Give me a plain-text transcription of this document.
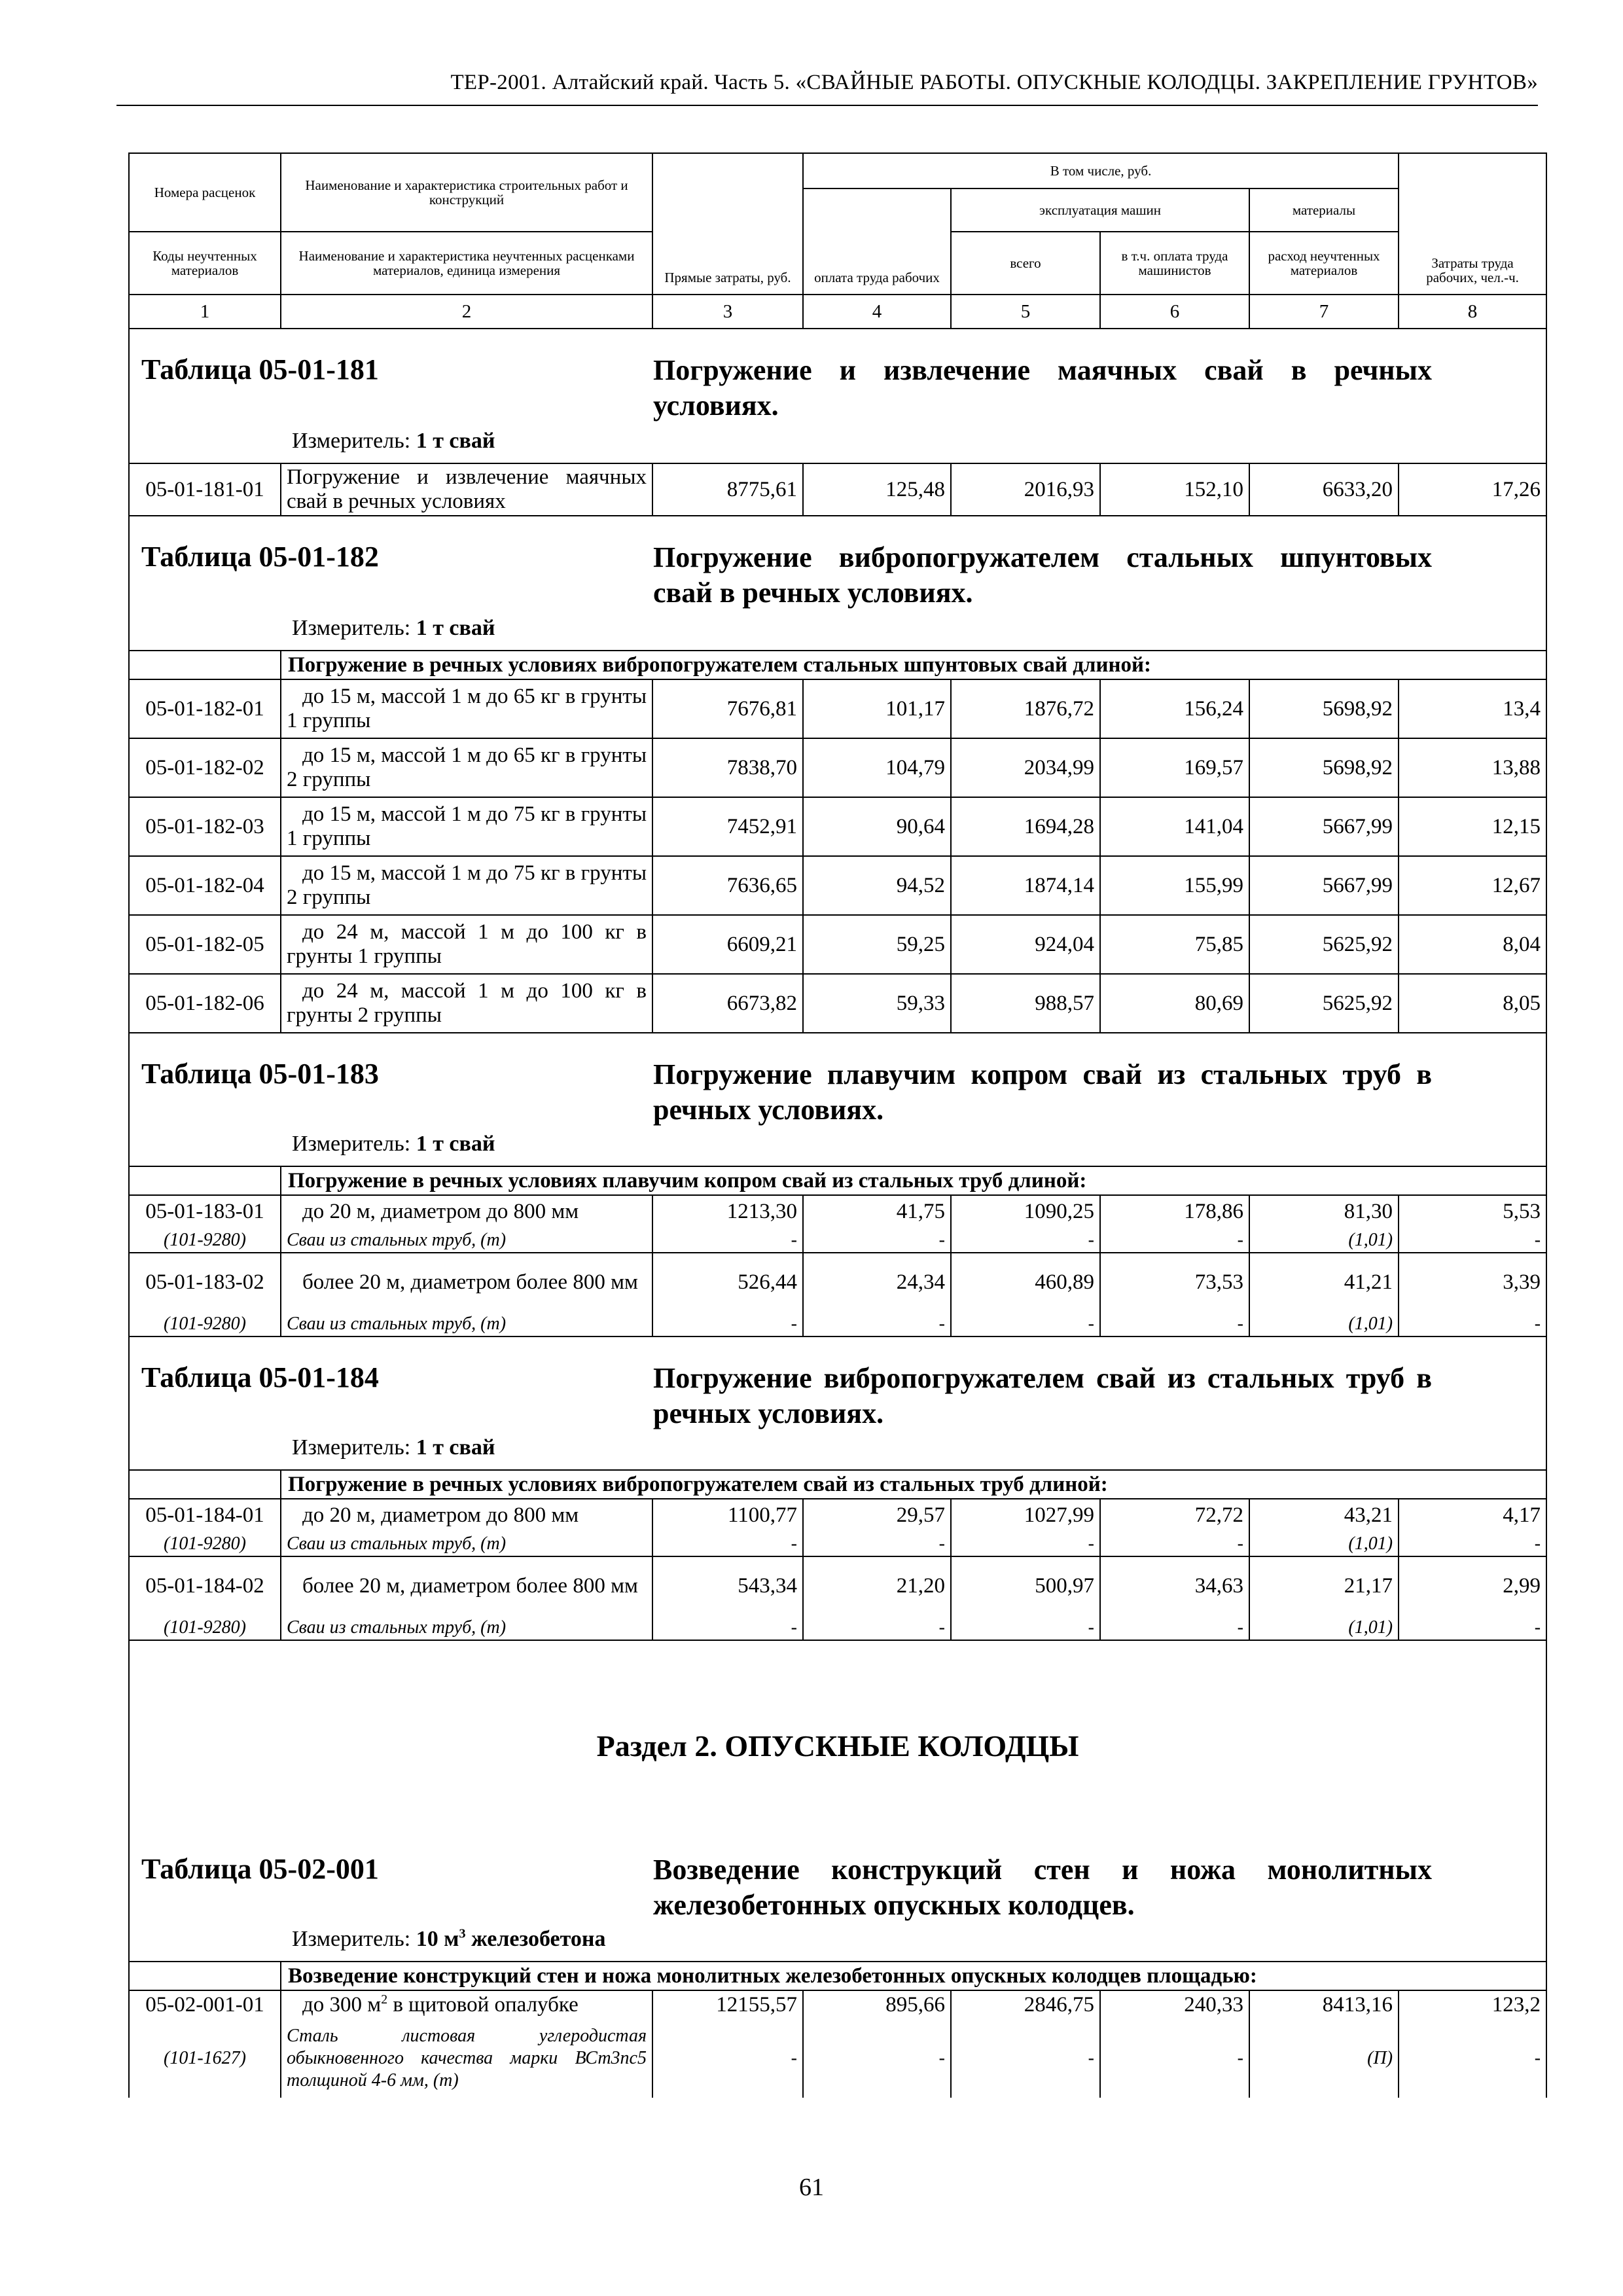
ТЕР-2001. Алтайский край. Часть 5. «СВАЙНЫЕ РАБОТЫ. ОПУСКНЫЕ КОЛОДЦЫ. ЗАКРЕПЛЕНИЕ ГРУНТОВ»
Номера расценок	Наименование и характеристика строительных работ и конструкций	Прямые затраты, руб.	В том числе, руб.				Затраты труда рабочих, чел.-ч.
			оплата труда рабочих	эксплуатация машин		материалы	
Коды неучтенных материалов	Наименование и характеристика неучтенных расценками материалов, единица измерения			всего	в т.ч. оплата труда машинистов	расход неучтенных материалов	
1	2	3	4	5	6	7	8

Таблица 05-01-181 Погружение и извлечение маячных свай в речных условиях.
Измеритель: 1 т свай							

05-01-181-01	Погружение и извлечение маячных свай в речных условиях	8775,61	125,48	2016,93	152,10	6633,20	17,26

Таблица 05-01-182 Погружение вибропогружателем стальных шпунтовых свай в речных условиях.
Измеритель: 1 т свай							

	Погружение в речных условиях вибропогружателем стальных шпунтовых свай длиной:						
05-01-182-01	до 15 м, массой 1 м до 65 кг в грунты 1 группы	7676,81	101,17	1876,72	156,24	5698,92	13,4
05-01-182-02	до 15 м, массой 1 м до 65 кг в грунты 2 группы	7838,70	104,79	2034,99	169,57	5698,92	13,88
05-01-182-03	до 15 м, массой 1 м до 75 кг в грунты 1 группы	7452,91	90,64	1694,28	141,04	5667,99	12,15
05-01-182-04	до 15 м, массой 1 м до 75 кг в грунты 2 группы	7636,65	94,52	1874,14	155,99	5667,99	12,67
05-01-182-05	до 24 м, массой 1 м до 100 кг в грунты 1 группы	6609,21	59,25	924,04	75,85	5625,92	8,04
05-01-182-06	до 24 м, массой 1 м до 100 кг в грунты 2 группы	6673,82	59,33	988,57	80,69	5625,92	8,05

Таблица 05-01-183 Погружение плавучим копром свай из стальных труб в речных условиях.
Измеритель: 1 т свай							

	Погружение в речных условиях плавучим копром свай из стальных труб длиной:						
05-01-183-01	до 20 м, диаметром до 800 мм	1213,30	41,75	1090,25	178,86	81,30	5,53
(101-9280)	Сваи из стальных труб, (т)	-	-	-	-	(1,01)	-
05-01-183-02	более 20 м, диаметром более 800 мм	526,44	24,34	460,89	73,53	41,21	3,39
(101-9280)	Сваи из стальных труб, (т)	-	-	-	-	(1,01)	-

Таблица 05-01-184 Погружение вибропогружателем свай из стальных труб в речных условиях.
Измеритель: 1 т свай							

	Погружение в речных условиях вибропогружателем свай из стальных труб длиной:						
05-01-184-01	до 20 м, диаметром до 800 мм	1100,77	29,57	1027,99	72,72	43,21	4,17
(101-9280)	Сваи из стальных труб, (т)	-	-	-	-	(1,01)	-
05-01-184-02	более 20 м, диаметром более 800 мм	543,34	21,20	500,97	34,63	21,17	2,99
(101-9280)	Сваи из стальных труб, (т)	-	-	-	-	(1,01)	-
Раздел 2. ОПУСКНЫЕ КОЛОДЦЫ							

Таблица 05-02-001 Возведение конструкций стен и ножа монолитных железобетонных опускных колодцев.
Измеритель: 10 $м^3$ железобетона							

	Возведение конструкций стен и ножа монолитных железобетонных опускных колодцев площадью:						
05-02-001-01	до 300 $м^2$ в щитовой опалубке	12155,57	895,66	2846,75	240,33	8413,16	123,2
(101-1627)	Сталь листовая углеродистая обыкновенного качества марки ВСт3пс5 толщиной 4-6 мм, (т)	-	-	-	-	(П)	-
61
